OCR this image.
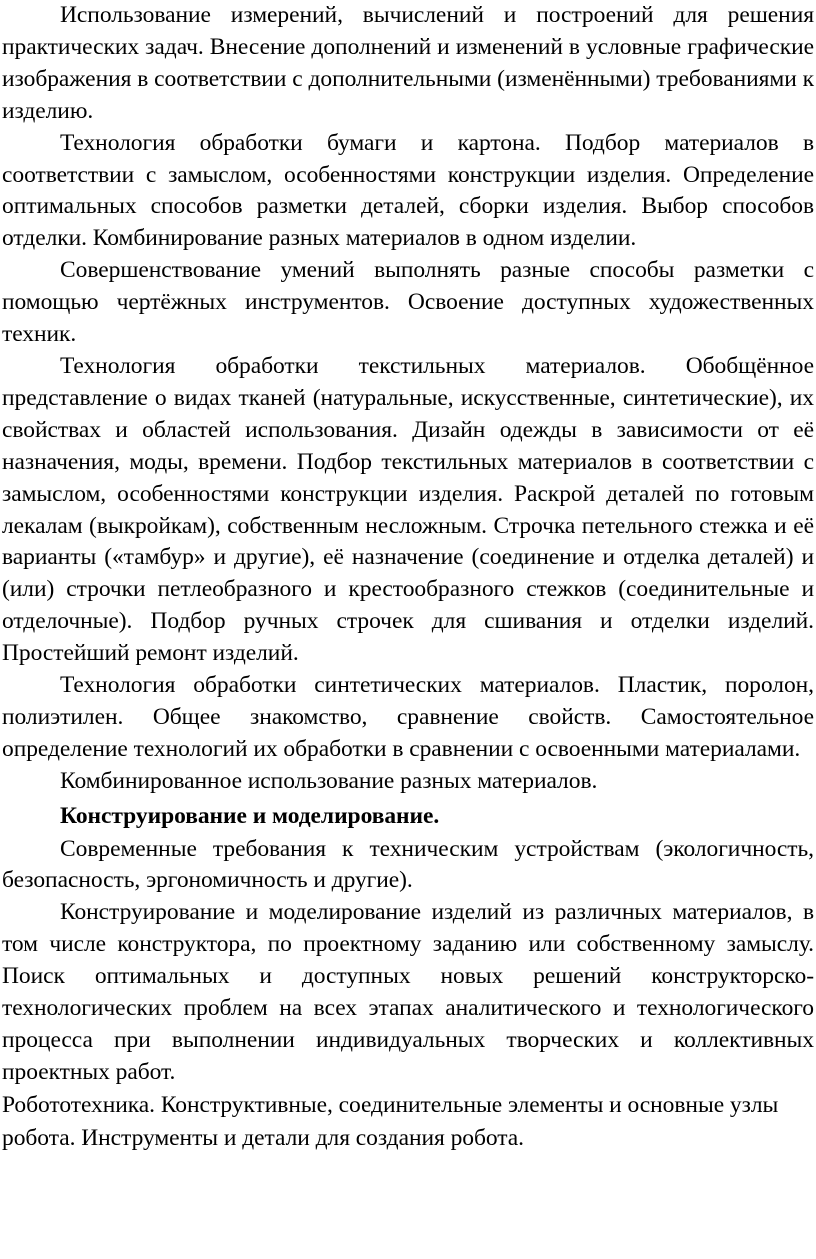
Использование измерений, вычислений и построений для решения практических задач. Внесение дополнений и изменений в условные графические изображения в соответствии с дополнительными (изменёнными) требованиями к изделию.

Технология обработки бумаги и картона. Подбор материалов в соответствии с замыслом, особенностями конструкции изделия. Определение оптимальных способов разметки деталей, сборки изделия. Выбор способов отделки. Комбинирование разных материалов в одном изделии.

Совершенствование умений выполнять разные способы разметки с помощью чертёжных инструментов. Освоение доступных художественных техник.

Технология обработки текстильных материалов. Обобщённое представление о видах тканей (натуральные, искусственные, синтетические), их свойствах и областей использования. Дизайн одежды в зависимости от её назначения, моды, времени. Подбор текстильных материалов в соответствии с замыслом, особенностями конструкции изделия. Раскрой деталей по готовым лекалам (выкройкам), собственным несложным. Строчка петельного стежка и её варианты («тамбур» и другие), её назначение (соединение и отделка деталей) и (или) строчки петлеобразного и крестообразного стежков (соединительные и отделочные). Подбор ручных строчек для сшивания и отделки изделий. Простейший ремонт изделий.

Технология обработки синтетических материалов. Пластик, поролон, полиэтилен. Общее знакомство, сравнение свойств. Самостоятельное определение технологий их обработки в сравнении с освоенными материалами.

Комбинированное использование разных материалов.

Конструирование и моделирование.

Современные требования к техническим устройствам (экологичность, безопасность, эргономичность и другие).

Конструирование и моделирование изделий из различных материалов, в том числе конструктора, по проектному заданию или собственному замыслу. Поиск оптимальных и доступных новых решений конструкторско-технологических проблем на всех этапах аналитического и технологического процесса при выполнении индивидуальных творческих и коллективных проектных работ.

Робототехника. Конструктивные, соединительные элементы и основные узлы робота. Инструменты и детали для создания робота.
